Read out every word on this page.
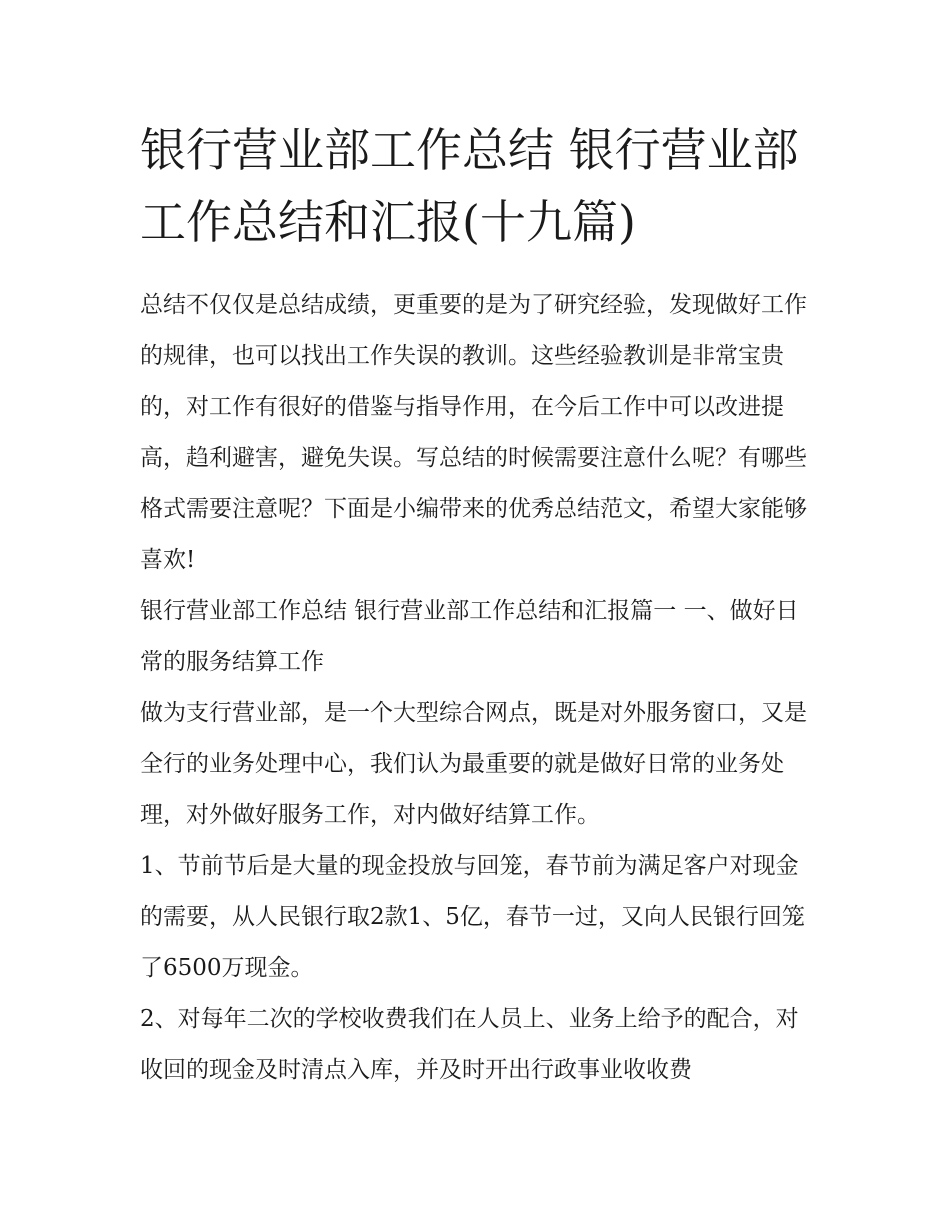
银行营业部工作总结 银行营业部工作总结和汇报(十九篇)

总结不仅仅是总结成绩，更重要的是为了研究经验，发现做好工作的规律，也可以找出工作失误的教训。这些经验教训是非常宝贵的，对工作有很好的借鉴与指导作用，在今后工作中可以改进提高，趋利避害，避免失误。写总结的时候需要注意什么呢？有哪些格式需要注意呢？下面是小编带来的优秀总结范文，希望大家能够喜欢!

银行营业部工作总结 银行营业部工作总结和汇报篇一 一、做好日常的服务结算工作

做为支行营业部，是一个大型综合网点，既是对外服务窗口，又是全行的业务处理中心，我们认为最重要的就是做好日常的业务处理，对外做好服务工作，对内做好结算工作。

1、节前节后是大量的现金投放与回笼，春节前为满足客户对现金的需要，从人民银行取2款1、5亿，春节一过，又向人民银行回笼了6500万现金。

2、对每年二次的学校收费我们在人员上、业务上给予的配合，对收回的现金及时清点入库，并及时开出行政事业收收费
